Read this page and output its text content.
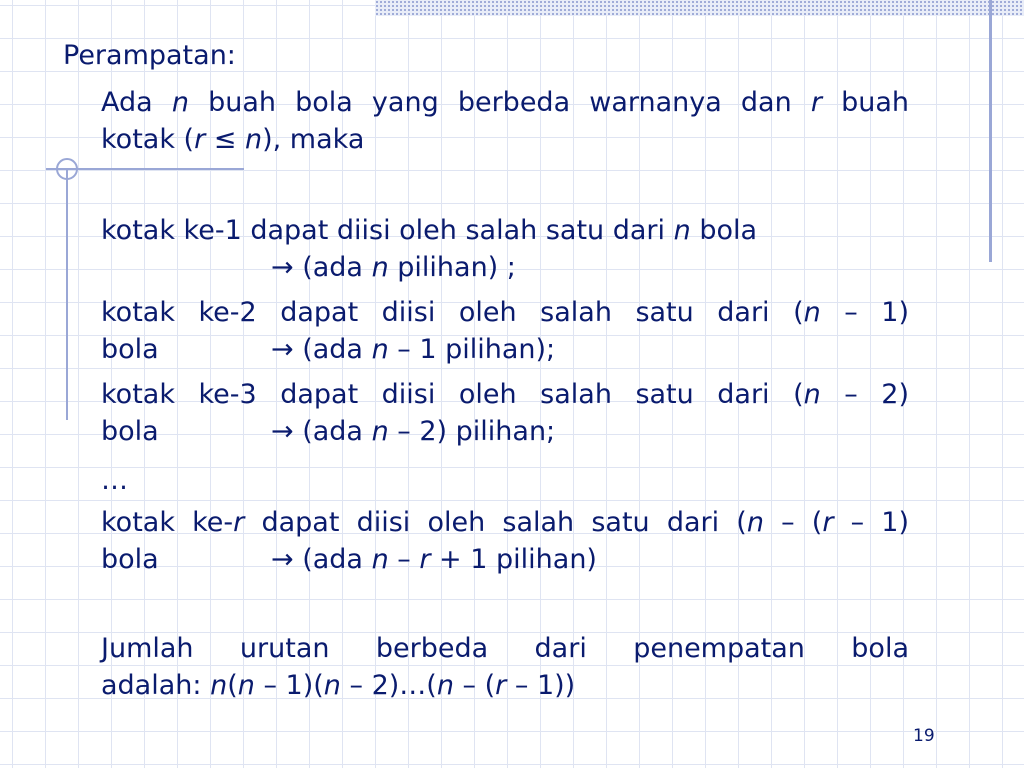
Perampatan:
Ada n buah bola yang berbeda warnanya dan r buah
kotak (r ≤ n), maka
kotak ke-1 dapat diisi oleh salah satu dari n bola
→ (ada n pilihan) ;
kotak ke-2 dapat diisi oleh salah satu dari (n – 1)
bola	→ (ada n – 1 pilihan);
kotak ke-3 dapat diisi oleh salah satu dari (n – 2)
bola	→ (ada n – 2) pilihan;
…
kotak ke-r dapat diisi oleh salah satu dari (n – (r – 1)
bola	→ (ada n – r + 1 pilihan)
Jumlah urutan berbeda dari penempatan bola
adalah: n(n – 1)(n – 2)…(n – (r – 1))
19
